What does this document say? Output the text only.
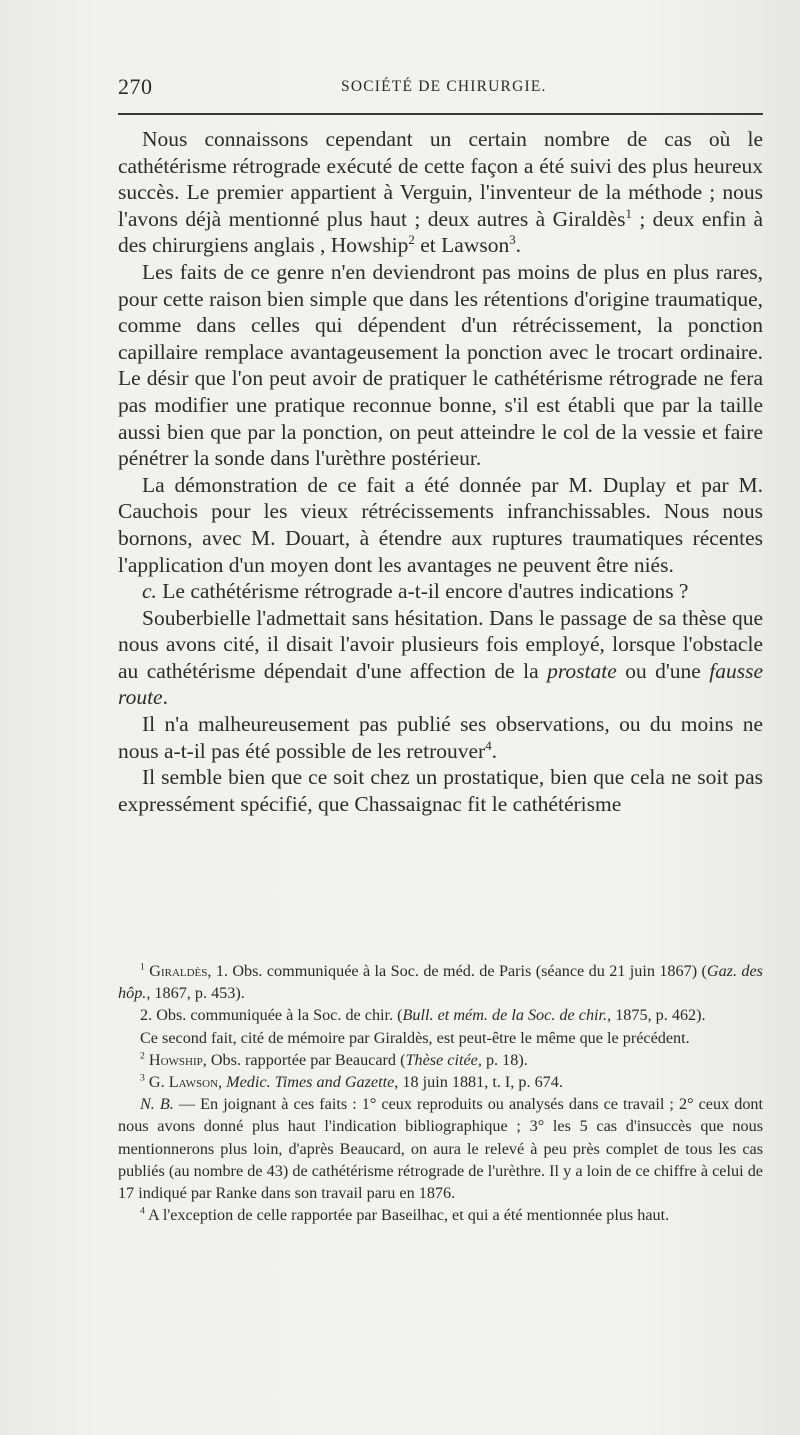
270	SOCIÉTÉ DE CHIRURGIE.

Nous connaissons cependant un certain nombre de cas où le cathétérisme rétrograde exécuté de cette façon a été suivi des plus heureux succès. Le premier appartient à Verguin, l'inventeur de la méthode ; nous l'avons déjà mentionné plus haut ; deux autres à Giraldès$^1$ ; deux enfin à des chirurgiens anglais , Howship$^2$ et Lawson$^3$.

Les faits de ce genre n'en deviendront pas moins de plus en plus rares, pour cette raison bien simple que dans les rétentions d'origine traumatique, comme dans celles qui dépendent d'un rétrécissement, la ponction capillaire remplace avantageusement la ponction avec le trocart ordinaire. Le désir que l'on peut avoir de pratiquer le cathétérisme rétrograde ne fera pas modifier une pratique reconnue bonne, s'il est établi que par la taille aussi bien que par la ponction, on peut atteindre le col de la vessie et faire pénétrer la sonde dans l'urèthre postérieur.

La démonstration de ce fait a été donnée par M. Duplay et par M. Cauchois pour les vieux rétrécissements infranchissables. Nous nous bornons, avec M. Douart, à étendre aux ruptures traumatiques récentes l'application d'un moyen dont les avantages ne peuvent être niés.

c. Le cathétérisme rétrograde a-t-il encore d'autres indications ?

Souberbielle l'admettait sans hésitation. Dans le passage de sa thèse que nous avons cité, il disait l'avoir plusieurs fois employé, lorsque l'obstacle au cathétérisme dépendait d'une affection de la prostate ou d'une fausse route.

Il n'a malheureusement pas publié ses observations, ou du moins ne nous a-t-il pas été possible de les retrouver$^4$.

Il semble bien que ce soit chez un prostatique, bien que cela ne soit pas expressément spécifié, que Chassaignac fit le cathétérisme

$^1$ Giraldès, 1. Obs. communiquée à la Soc. de méd. de Paris (séance du 21 juin 1867) (Gaz. des hôp., 1867, p. 453).

2. Obs. communiquée à la Soc. de chir. (Bull. et mém. de la Soc. de chir., 1875, p. 462).

Ce second fait, cité de mémoire par Giraldès, est peut-être le même que le précédent.

$^2$ Howship, Obs. rapportée par Beaucard (Thèse citée, p. 18).

$^3$ G. Lawson, Medic. Times and Gazette, 18 juin 1881, t. I, p. 674.

N. B. — En joignant à ces faits : 1° ceux reproduits ou analysés dans ce travail ; 2° ceux dont nous avons donné plus haut l'indication bibliographique ; 3° les 5 cas d'insuccès que nous mentionnerons plus loin, d'après Beaucard, on aura le relevé à peu près complet de tous les cas publiés (au nombre de 43) de cathétérisme rétrograde de l'urèthre. Il y a loin de ce chiffre à celui de 17 indiqué par Ranke dans son travail paru en 1876.

$^4$ A l'exception de celle rapportée par Baseilhac, et qui a été mentionnée plus haut.
